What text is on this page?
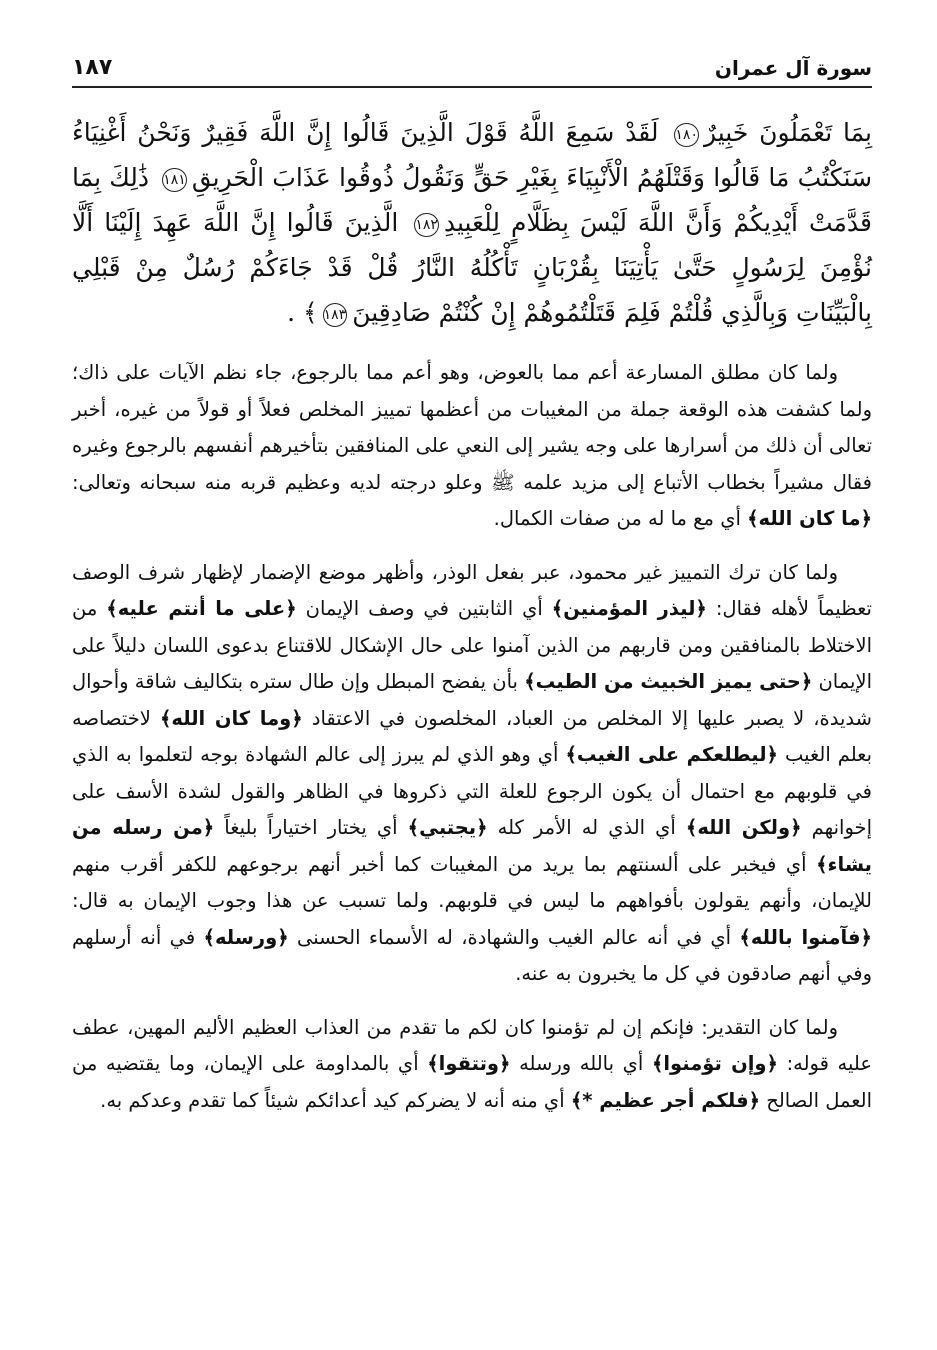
سورة آل عمران
١٨٧
بِمَا تَعْمَلُونَ خَبِيرٌ١٨٠ لَقَدْ سَمِعَ اللَّهُ قَوْلَ الَّذِينَ قَالُوا إِنَّ اللَّهَ فَقِيرٌ وَنَحْنُ أَغْنِيَاءُ سَنَكْتُبُ مَا قَالُوا وَقَتْلَهُمُ الْأَنْبِيَاءَ بِغَيْرِ حَقٍّ وَنَقُولُ ذُوقُوا عَذَابَ الْحَرِيقِ١٨١ ذَٰلِكَ بِمَا قَدَّمَتْ أَيْدِيكُمْ وَأَنَّ اللَّهَ لَيْسَ بِظَلَّامٍ لِلْعَبِيدِ١٨٢ الَّذِينَ قَالُوا إِنَّ اللَّهَ عَهِدَ إِلَيْنَا أَلَّا نُؤْمِنَ لِرَسُولٍ حَتَّىٰ يَأْتِيَنَا بِقُرْبَانٍ تَأْكُلُهُ النَّارُ قُلْ قَدْ جَاءَكُمْ رُسُلٌ مِنْ قَبْلِي بِالْبَيِّنَاتِ وَبِالَّذِي قُلْتُمْ فَلِمَ قَتَلْتُمُوهُمْ إِنْ كُنْتُمْ صَادِقِينَ١٨٣﴾ .

ولما كان مطلق المسارعة أعم مما بالعوض، وهو أعم مما بالرجوع، جاء نظم الآيات على ذاك؛ ولما كشفت هذه الوقعة جملة من المغيبات من أعظمها تمييز المخلص فعلاً أو قولاً من غيره، أخبر تعالى أن ذلك من أسرارها على وجه يشير إلى النعي على المنافقين بتأخيرهم أنفسهم بالرجوع وغيره فقال مشيراً بخطاب الأتباع إلى مزيد علمه ﷺ وعلو درجته لديه وعظيم قربه منه سبحانه وتعالى: ﴿ما كان الله﴾ أي مع ما له من صفات الكمال.

ولما كان ترك التمييز غير محمود، عبر بفعل الوذر، وأظهر موضع الإضمار لإظهار شرف الوصف تعظيماً لأهله فقال: ﴿ليذر المؤمنين﴾ أي الثابتين في وصف الإيمان ﴿على ما أنتم عليه﴾ من الاختلاط بالمنافقين ومن قاربهم من الذين آمنوا على حال الإشكال للاقتناع بدعوى اللسان دليلاً على الإيمان ﴿حتى يميز الخبيث من الطيب﴾ بأن يفضح المبطل وإن طال ستره بتكاليف شاقة وأحوال شديدة، لا يصبر عليها إلا المخلص من العباد، المخلصون في الاعتقاد ﴿وما كان الله﴾ لاختصاصه بعلم الغيب ﴿ليطلعكم على الغيب﴾ أي وهو الذي لم يبرز إلى عالم الشهادة بوجه لتعلموا به الذي في قلوبهم مع احتمال أن يكون الرجوع للعلة التي ذكروها في الظاهر والقول لشدة الأسف على إخوانهم ﴿ولكن الله﴾ أي الذي له الأمر كله ﴿يجتبي﴾ أي يختار اختياراً بليغاً ﴿من رسله من يشاء﴾ أي فيخبر على ألسنتهم بما يريد من المغيبات كما أخبر أنهم برجوعهم للكفر أقرب منهم للإيمان، وأنهم يقولون بأفواههم ما ليس في قلوبهم. ولما تسبب عن هذا وجوب الإيمان به قال: ﴿فآمنوا بالله﴾ أي في أنه عالم الغيب والشهادة، له الأسماء الحسنى ﴿ورسله﴾ في أنه أرسلهم وفي أنهم صادقون في كل ما يخبرون به عنه.

ولما كان التقدير: فإنكم إن لم تؤمنوا كان لكم ما تقدم من العذاب العظيم الأليم المهين، عطف عليه قوله: ﴿وإن تؤمنوا﴾ أي بالله ورسله ﴿وتتقوا﴾ أي بالمداومة على الإيمان، وما يقتضيه من العمل الصالح ﴿فلكم أجر عظيم *﴾ أي منه أنه لا يضركم كيد أعدائكم شيئاً كما تقدم وعدكم به.
